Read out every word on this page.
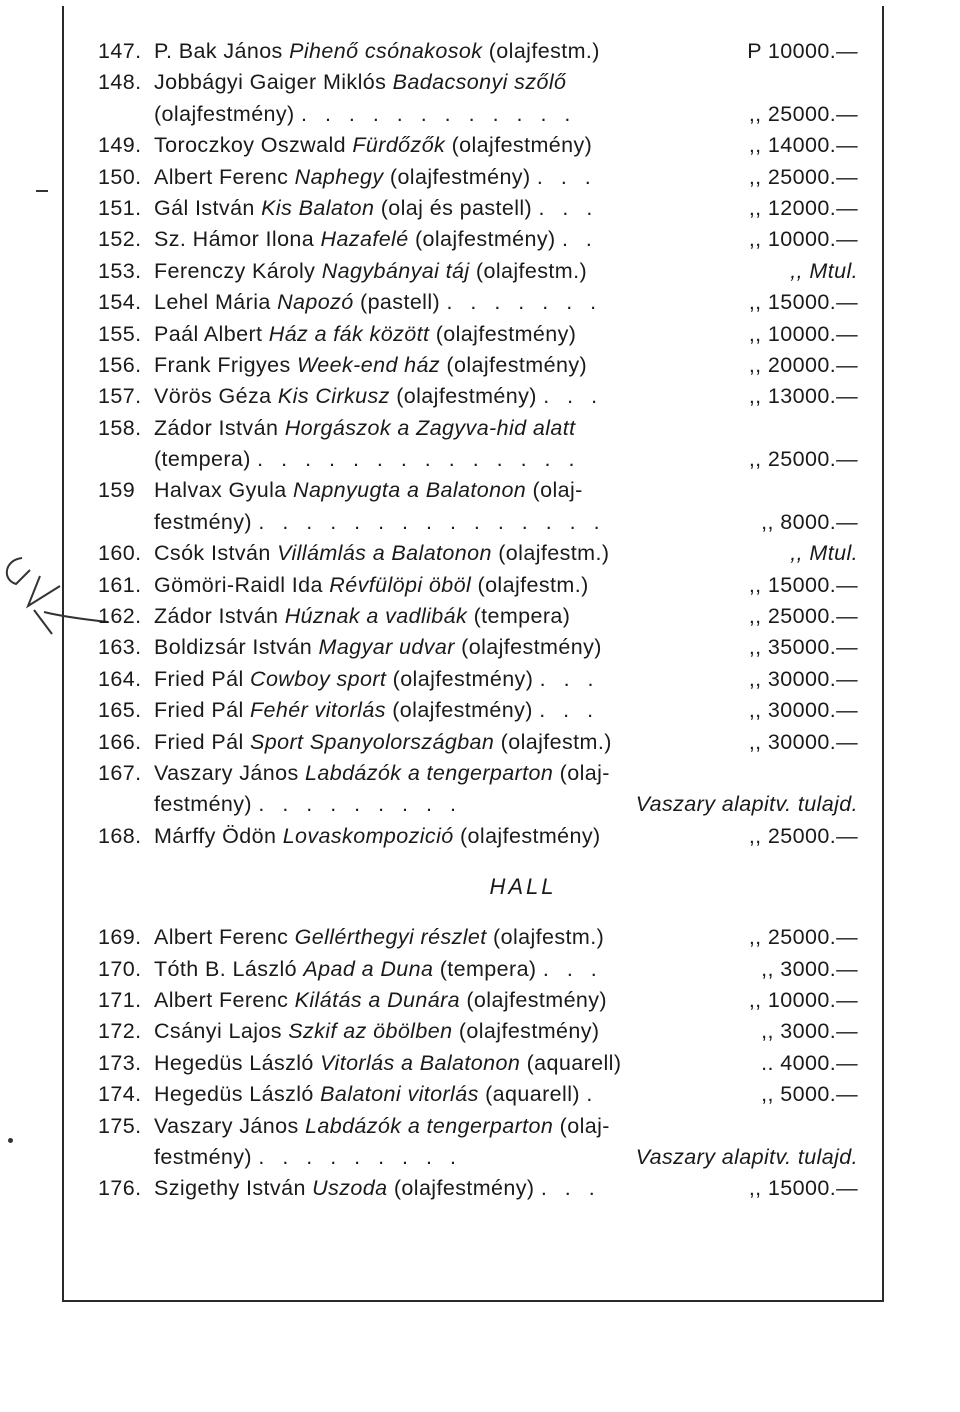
147. P. Bak János Pihenő csónakosok (olajfestm.)	P 10000.—
148. Jobbágyi Gaiger Miklós Badacsonyi szőlő
(olajfestmény) . . . . . . . . . . . .	,, 25000.—
149. Toroczkoy Oszwald Fürdőzők (olajfestmény)	,, 14000.—
150. Albert Ferenc Naphegy (olajfestmény) . . .	,, 25000.—
151. Gál István Kis Balaton (olaj és pastell) . . .	,, 12000.—
152. Sz. Hámor Ilona Hazafelé (olajfestmény) . .	,, 10000.—
153. Ferenczy Károly Nagybányai táj (olajfestm.)	,, Mtul.
154. Lehel Mária Napozó (pastell) . . . . . . .	,, 15000.—
155. Paál Albert Ház a fák között (olajfestmény)	,, 10000.—
156. Frank Frigyes Week-end ház (olajfestmény)	,, 20000.—
157. Vörös Géza Kis Cirkusz (olajfestmény) . . .	,, 13000.—
158. Zádor István Horgászok a Zagyva-hid alatt
(tempera) . . . . . . . . . . . . . .	,, 25000.—
159 Halvax Gyula Napnyugta a Balatonon (olaj-
festmény) . . . . . . . . . . . . . . .	,, 8000.—
160. Csók István Villámlás a Balatonon (olajfestm.)	,, Mtul.
161. Gömöri-Raidl Ida Révfülöpi öböl (olajfestm.)	,, 15000.—
162. Zádor István Húznak a vadlibák (tempera)	,, 25000.—
163. Boldizsár István Magyar udvar (olajfestmény)	,, 35000.—
164. Fried Pál Cowboy sport (olajfestmény) . . .	,, 30000.—
165. Fried Pál Fehér vitorlás (olajfestmény) . . .	,, 30000.—
166. Fried Pál Sport Spanyolországban (olajfestm.)	,, 30000.—
167. Vaszary János Labdázók a tengerparton (olaj-
festmény) . . . . . . . . .	Vaszary alapitv. tulajd.
168. Márffy Ödön Lovaskompozició (olajfestmény)	,, 25000.—
HALL
169. Albert Ferenc Gellérthegyi részlet (olajfestm.)	,, 25000.—
170. Tóth B. László Apad a Duna (tempera) . . .	,, 3000.—
171. Albert Ferenc Kilátás a Dunára (olajfestmény)	,, 10000.—
172. Csányi Lajos Szkif az öbölben (olajfestmény)	,, 3000.—
173. Hegedüs László Vitorlás a Balatonon (aquarell)	.. 4000.—
174. Hegedüs László Balatoni vitorlás (aquarell) .	,, 5000.—
175. Vaszary János Labdázók a tengerparton (olaj-
festmény) . . . . . . . . .	Vaszary alapitv. tulajd.
176. Szigethy István Uszoda (olajfestmény) . . .	,, 15000.—
